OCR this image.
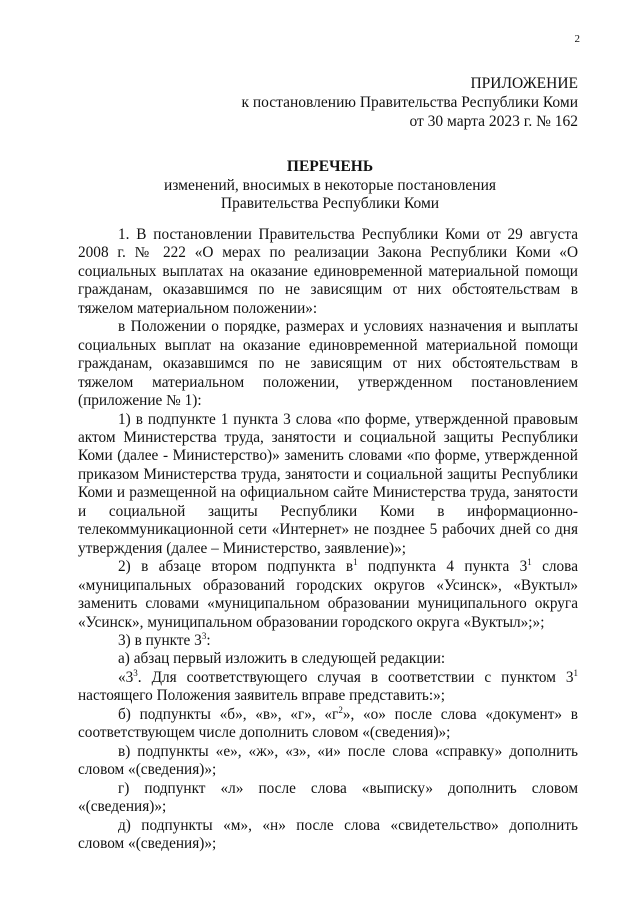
2
ПРИЛОЖЕНИЕ
к постановлению Правительства Республики Коми
от 30 марта 2023 г. № 162
ПЕРЕЧЕНЬ
изменений, вносимых в некоторые постановления
Правительства Республики Коми

1. В постановлении Правительства Республики Коми от 29 августа 2008 г. № 222 «О мерах по реализации Закона Республики Коми «О социальных выплатах на оказание единовременной материальной помощи гражданам, оказавшимся по не зависящим от них обстоятельствам в тяжелом материальном положении»:

в Положении о порядке, размерах и условиях назначения и выплаты социальных выплат на оказание единовременной материальной помощи гражданам, оказавшимся по не зависящим от них обстоятельствам в тяжелом материальном положении, утвержденном постановлением (приложение № 1):

1) в подпункте 1 пункта 3 слова «по форме, утвержденной правовым актом Министерства труда, занятости и социальной защиты Республики Коми (далее - Министерство)» заменить словами «по форме, утвержденной приказом Министерства труда, занятости и социальной защиты Республики Коми и размещенной на официальном сайте Министерства труда, занятости и социальной защиты Республики Коми в информационно-телекоммуникационной сети «Интернет» не позднее 5 рабочих дней со дня утверждения (далее – Министерство, заявление)»;

2) в абзаце втором подпункта $в^1$ подпункта 4 пункта $3^1$ слова «муниципальных образований городских округов «Усинск», «Вуктыл» заменить словами «муниципальном образовании муниципального округа «Усинск», муниципальном образовании городского округа «Вуктыл»;»;

3) в пункте $3^3$:

а) абзац первый изложить в следующей редакции:

«$3^3$. Для соответствующего случая в соответствии с пунктом $3^1$ настоящего Положения заявитель вправе представить:»;

б) подпункты «б», «в», «г», «$г^2$», «о» после слова «документ» в соответствующем числе дополнить словом «(сведения)»;

в) подпункты «е», «ж», «з», «и» после слова «справку» дополнить словом «(сведения)»;

г) подпункт «л» после слова «выписку» дополнить словом «(сведения)»;

д) подпункты «м», «н» после слова «свидетельство» дополнить словом «(сведения)»;
